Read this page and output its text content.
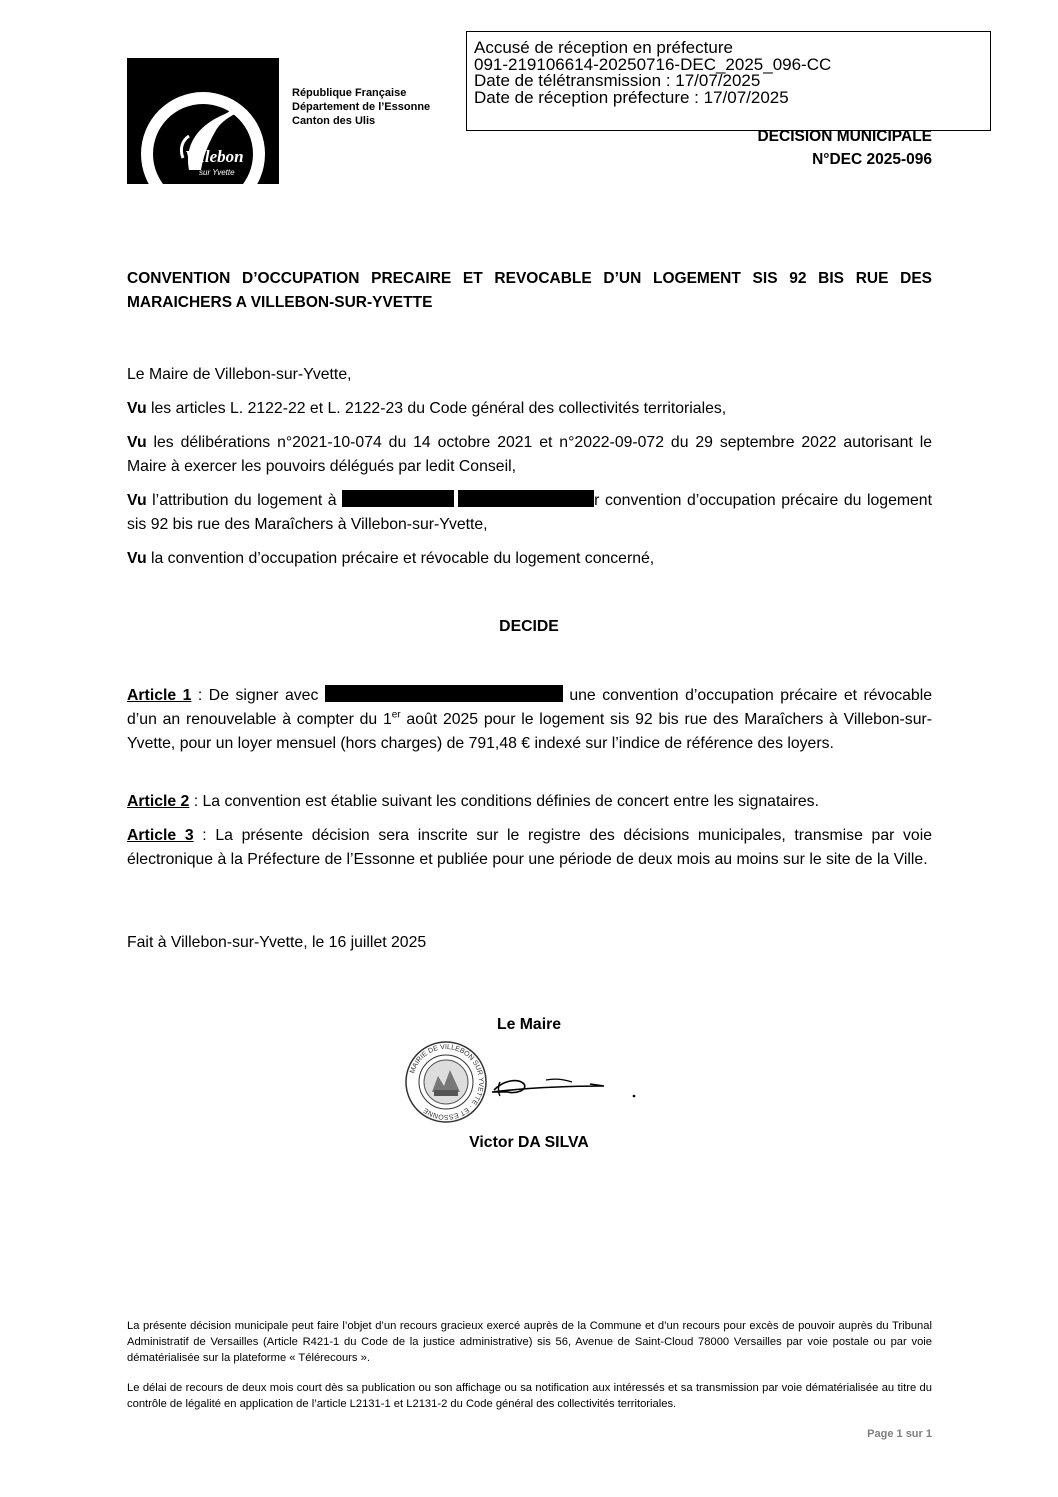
Accusé de réception en préfecture
091-219106614-20250716-DEC_2025_096-CC
Date de télétransmission : 17/07/2025
Date de réception préfecture : 17/07/2025
Villebon
sur Yvette
République Française
Département de l’Essonne
Canton des Ulis
DECISION MUNICIPALE
N°DEC 2025-096
CONVENTION D’OCCUPATION PRECAIRE ET REVOCABLE D’UN LOGEMENT SIS 92 BIS RUE DES MARAICHERS A VILLEBON-SUR-YVETTE
Le Maire de Villebon-sur-Yvette,
Vu les articles L. 2122-22 et L. 2122-23 du Code général des collectivités territoriales,
Vu les délibérations n°2021-10-074 du 14 octobre 2021 et n°2022-09-072 du 29 septembre 2022 autorisant le Maire à exercer les pouvoirs délégués par ledit Conseil,
Vu l’attribution du logement à	r convention d’occupation précaire du logement sis 92 bis rue des Maraîchers à Villebon-sur-Yvette,
Vu la convention d’occupation précaire et révocable du logement concerné,
DECIDE
Article 1 : De signer avec	une convention d’occupation précaire et révocable d’un an renouvelable à compter du 1er août 2025 pour le logement sis 92 bis rue des Maraîchers à Villebon-sur-Yvette, pour un loyer mensuel (hors charges) de 791,48 € indexé sur l’indice de référence des loyers.
Article 2 : La convention est établie suivant les conditions définies de concert entre les signataires.
Article 3 : La présente décision sera inscrite sur le registre des décisions municipales, transmise par voie électronique à la Préfecture de l’Essonne et publiée pour une période de deux mois au moins sur le site de la Ville.
Fait à Villebon-sur-Yvette, le 16 juillet 2025
Le Maire
MAIRIE DE VILLEBON SUR YVETTE · ET ESSONNE
Victor DA SILVA
La présente décision municipale peut faire l’objet d’un recours gracieux exercé auprès de la Commune et d’un recours pour excès de pouvoir auprès du Tribunal Administratif de Versailles (Article R421-1 du Code de la justice administrative) sis 56, Avenue de Saint-Cloud 78000 Versailles par voie postale ou par voie dématérialisée sur la plateforme « Télérecours ».
Le délai de recours de deux mois court dès sa publication ou son affichage ou sa notification aux intéressés et sa transmission par voie dématérialisée au titre du contrôle de légalité en application de l’article L2131-1 et L2131-2 du Code général des collectivités territoriales.
Page 1 sur 1
